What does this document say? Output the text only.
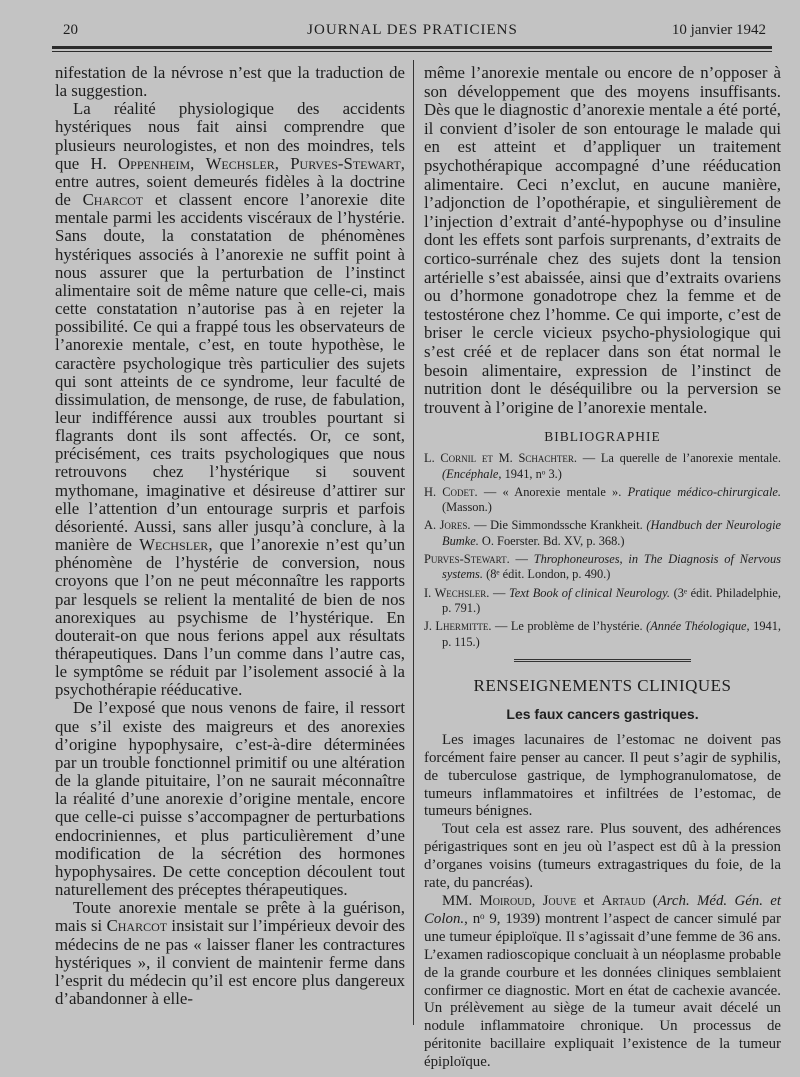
20	JOURNAL DES PRATICIENS	10 janvier 1942

nifestation de la névrose n’est que la traduction de la suggestion.

La réalité physiologique des accidents hystériques nous fait ainsi comprendre que plusieurs neurologistes, et non des moindres, tels que H. Oppenheim, Wechsler, Purves-Stewart, entre autres, soient demeurés fidèles à la doctrine de Charcot et classent encore l’anorexie dite mentale parmi les accidents viscéraux de l’hystérie. Sans doute, la constatation de phénomènes hystériques associés à l’anorexie ne suffit point à nous assurer que la perturbation de l’instinct alimentaire soit de même nature que celle-ci, mais cette constatation n’autorise pas à en rejeter la possibilité. Ce qui a frappé tous les observateurs de l’anorexie mentale, c’est, en toute hypothèse, le caractère psychologique très particulier des sujets qui sont atteints de ce syndrome, leur faculté de dissimulation, de mensonge, de ruse, de fabulation, leur indifférence aussi aux troubles pourtant si flagrants dont ils sont affectés. Or, ce sont, précisément, ces traits psychologiques que nous retrouvons chez l’hystérique si souvent mythomane, imaginative et désireuse d’attirer sur elle l’attention d’un entourage surpris et parfois désorienté. Aussi, sans aller jusqu’à conclure, à la manière de Wechsler, que l’anorexie n’est qu’un phénomène de l’hystérie de conversion, nous croyons que l’on ne peut méconnaître les rapports par lesquels se relient la mentalité de bien de nos anorexiques au psychisme de l’hystérique. En douterait-on que nous ferions appel aux résultats thérapeutiques. Dans l’un comme dans l’autre cas, le symptôme se réduit par l’isolement associé à la psychothérapie rééducative.

De l’exposé que nous venons de faire, il ressort que s’il existe des maigreurs et des anorexies d’origine hypophysaire, c’est-à-dire déterminées par un trouble fonctionnel primitif ou une altération de la glande pituitaire, l’on ne saurait méconnaître la réalité d’une anorexie d’origine mentale, encore que celle-ci puisse s’accompagner de perturbations endocriniennes, et plus particulièrement d’une modification de la sécrétion des hormones hypophysaires. De cette conception découlent tout naturellement des préceptes thérapeutiques.

Toute anorexie mentale se prête à la guérison, mais si Charcot insistait sur l’impérieux devoir des médecins de ne pas « laisser flaner les contractures hystériques », il convient de maintenir ferme dans l’esprit du médecin qu’il est encore plus dangereux d’abandonner à elle-

même l’anorexie mentale ou encore de n’opposer à son développement que des moyens insuffisants. Dès que le diagnostic d’anorexie mentale a été porté, il convient d’isoler de son entourage le malade qui en est atteint et d’appliquer un traitement psychothérapique accompagné d’une rééducation alimentaire. Ceci n’exclut, en aucune manière, l’adjonction de l’opothérapie, et singulièrement de l’injection d’extrait d’anté-hypophyse ou d’insuline dont les effets sont parfois surprenants, d’extraits de cortico-surrénale chez des sujets dont la tension artérielle s’est abaissée, ainsi que d’extraits ovariens ou d’hormone gonadotrope chez la femme et de testostérone chez l’homme. Ce qui importe, c’est de briser le cercle vicieux psycho-physiologique qui s’est créé et de replacer dans son état normal le besoin alimentaire, expression de l’instinct de nutrition dont le déséquilibre ou la perversion se trouvent à l’origine de l’anorexie mentale.

BIBLIOGRAPHIE

L. Cornil et M. Schachter. — La querelle de l’anorexie mentale. (Encéphale, 1941, nᵒ 3.)

H. Codet. — « Anorexie mentale ». Pratique médico-chirurgicale. (Masson.)

A. Jores. — Die Simmondssche Krankheit. (Handbuch der Neurologie Bumke. O. Foerster. Bd. XV, p. 368.)

Purves-Stewart. — Throphoneuroses, in The Diagnosis of Nervous systems. (8ᵉ édit. London, p. 490.)

I. Wechsler. — Text Book of clinical Neurology. (3ᵉ édit. Philadelphie, p. 791.)

J. Lhermitte. — Le problème de l’hystérie. (Année Théologique, 1941, p. 115.)

RENSEIGNEMENTS CLINIQUES
Les faux cancers gastriques.

Les images lacunaires de l’estomac ne doivent pas forcément faire penser au cancer. Il peut s’agir de syphilis, de tuberculose gastrique, de lymphogranulomatose, de tumeurs inflammatoires et infiltrées de l’estomac, de tumeurs bénignes.

Tout cela est assez rare. Plus souvent, des adhérences périgastriques sont en jeu où l’aspect est dû à la pression d’organes voisins (tumeurs extragastriques du foie, de la rate, du pancréas).

MM. Moiroud, Jouve et Artaud (Arch. Méd. Gén. et Colon., nᵒ 9, 1939) montrent l’aspect de cancer simulé par une tumeur épiploïque. Il s’agissait d’une femme de 36 ans. L’examen radioscopique concluait à un néoplasme probable de la grande courbure et les données cliniques semblaient confirmer ce diagnostic. Mort en état de cachexie avancée. Un prélèvement au siège de la tumeur avait décelé un nodule inflammatoire chronique. Un processus de péritonite bacillaire expliquait l’existence de la tumeur épiploïque.
